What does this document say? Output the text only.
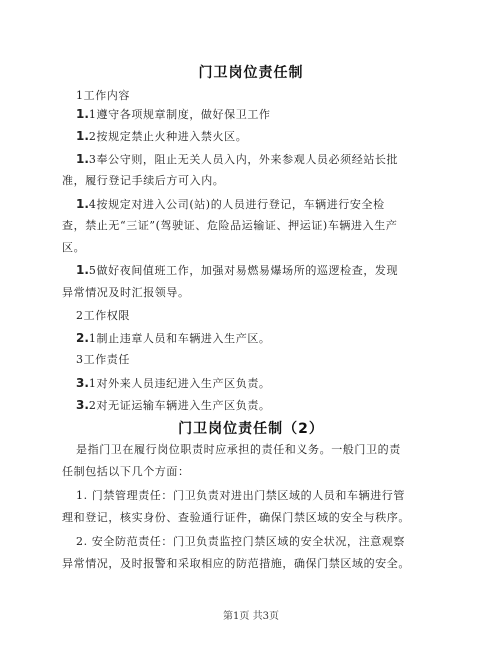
门卫岗位责任制
1工作内容
1.1遵守各项规章制度，做好保卫工作
1.2按规定禁止火种进入禁火区。
1.3奉公守则，阻止无关人员入内，外来参观人员必须经站长批
准，履行登记手续后方可入内。
1.4按规定对进入公司(站)的人员进行登记，车辆进行安全检
查，禁止无“三证”(驾驶证、危险品运输证、押运证)车辆进入生产
区。
1.5做好夜间值班工作，加强对易燃易爆场所的巡逻检查，发现
异常情况及时汇报领导。
2工作权限
2.1制止违章人员和车辆进入生产区。
3工作责任
3.1对外来人员违纪进入生产区负责。
3.2对无证运输车辆进入生产区负责。
门卫岗位责任制（2）
是指门卫在履行岗位职责时应承担的责任和义务。一般门卫的责
任制包括以下几个方面：
1. 门禁管理责任：门卫负责对进出门禁区域的人员和车辆进行管
理和登记，核实身份、查验通行证件，确保门禁区域的安全与秩序。
2. 安全防范责任：门卫负责监控门禁区域的安全状况，注意观察
异常情况，及时报警和采取相应的防范措施，确保门禁区域的安全。
第1页 共3页
